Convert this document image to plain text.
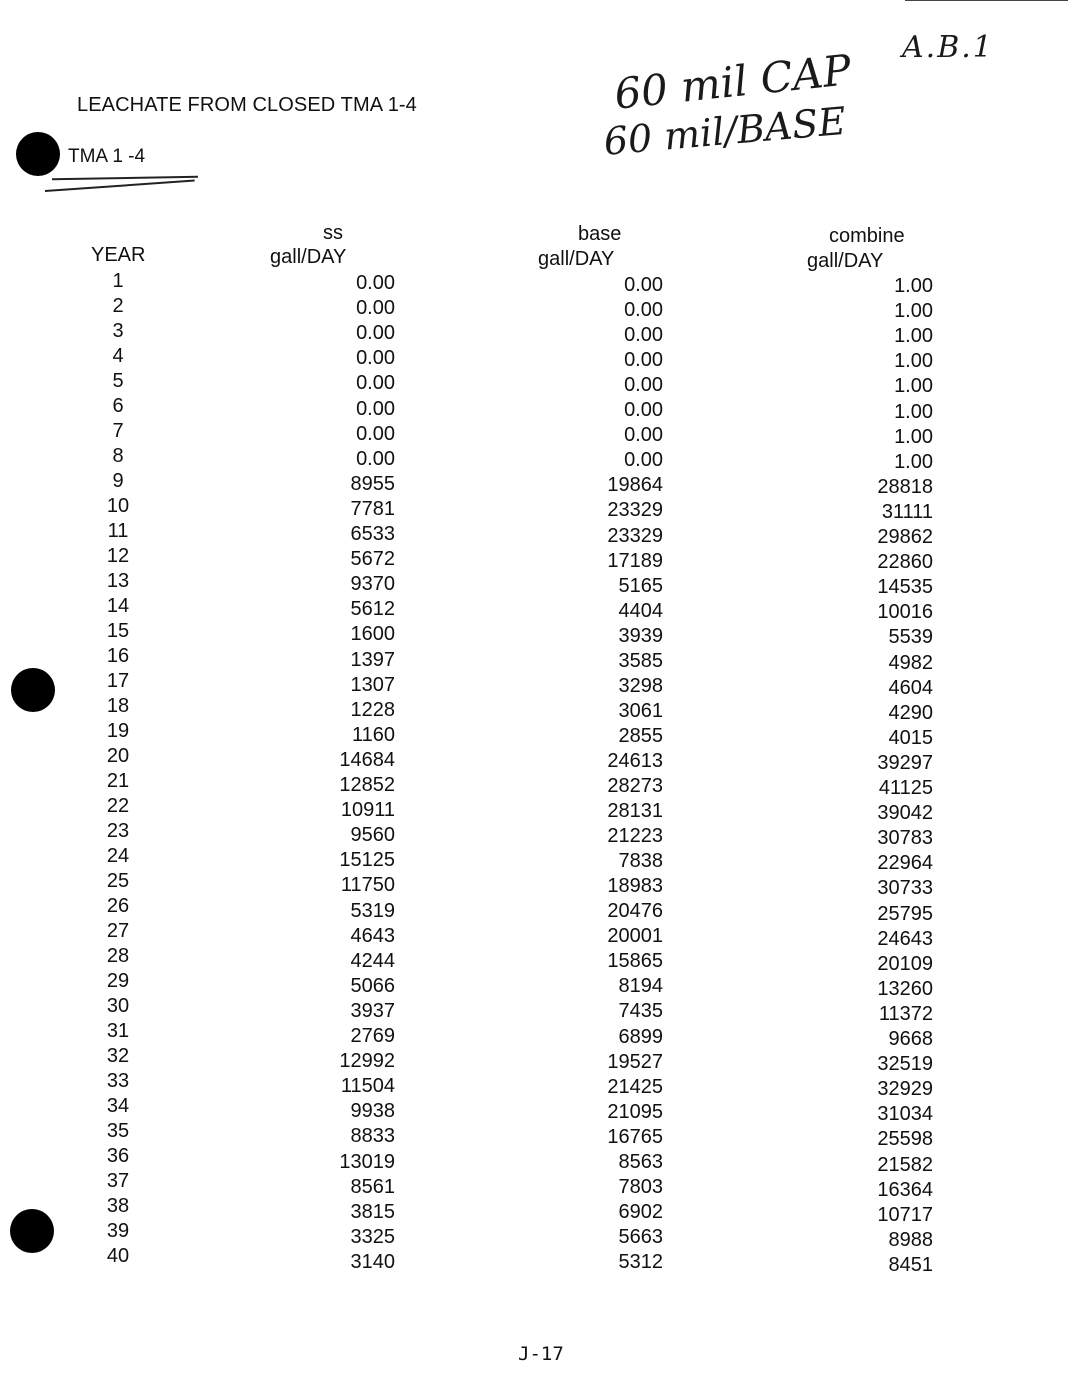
LEACHATE FROM CLOSED TMA 1-4
A.B.1
60 mil CAP
60 mil/BASE
TMA 1 -4
YEAR
ss
gall/DAY
base
gall/DAY
combine
gall/DAY
1	0.00	0.00	1.00
2	0.00	0.00	1.00
3	0.00	0.00	1.00
4	0.00	0.00	1.00
5	0.00	0.00	1.00
6	0.00	0.00	1.00
7	0.00	0.00	1.00
8	0.00	0.00	1.00
9	8955	19864	28818
10	7781	23329	31111
11	6533	23329	29862
12	5672	17189	22860
13	9370	5165	14535
14	5612	4404	10016
15	1600	3939	5539
16	1397	3585	4982
17	1307	3298	4604
18	1228	3061	4290
19	1160	2855	4015
20	14684	24613	39297
21	12852	28273	41125
22	10911	28131	39042
23	9560	21223	30783
24	15125	7838	22964
25	11750	18983	30733
26	5319	20476	25795
27	4643	20001	24643
28	4244	15865	20109
29	5066	8194	13260
30	3937	7435	11372
31	2769	6899	9668
32	12992	19527	32519
33	11504	21425	32929
34	9938	21095	31034
35	8833	16765	25598
36	13019	8563	21582
37	8561	7803	16364
38	3815	6902	10717
39	3325	5663	8988
40	3140	5312	8451
J-17
